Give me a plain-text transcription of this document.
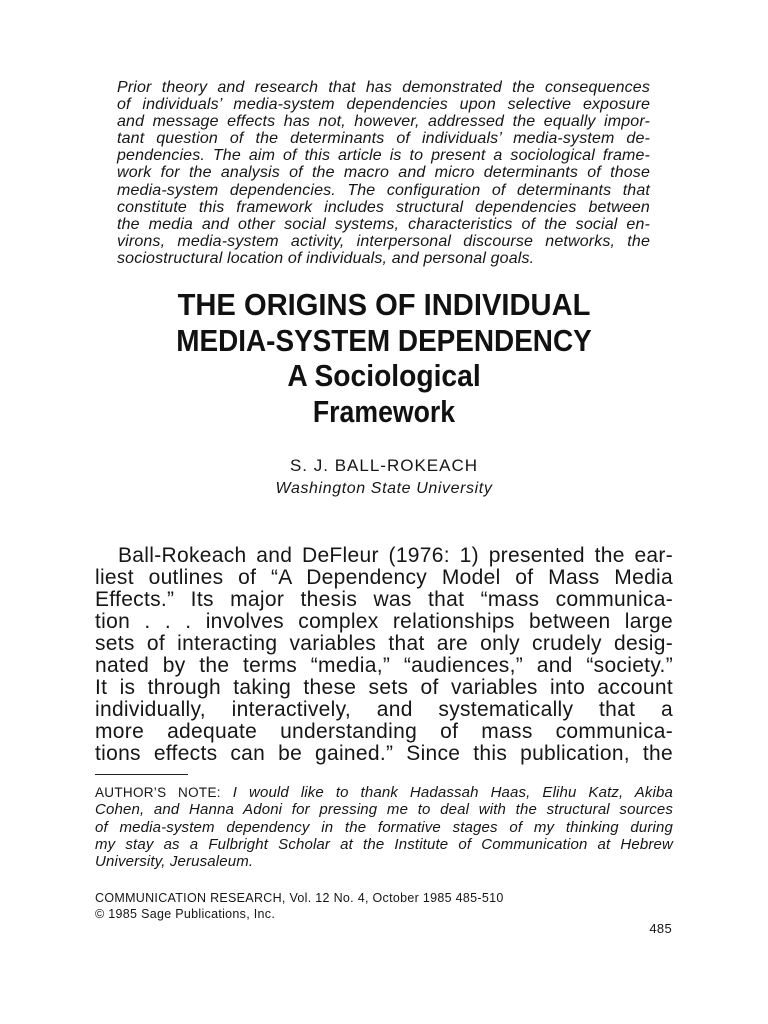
Prior theory and research that has demonstrated the consequences
of individuals’ media-system dependencies upon selective exposure
and message effects has not, however, addressed the equally impor-
tant question of the determinants of individuals’ media-system de-
pendencies. The aim of this article is to present a sociological frame-
work for the analysis of the macro and micro determinants of those
media-system dependencies. The configuration of determinants that
constitute this framework includes structural dependencies between
the media and other social systems, characteristics of the social en-
virons, media-system activity, interpersonal discourse networks, the
sociostructural location of individuals, and personal goals.
THE ORIGINS OF INDIVIDUAL
MEDIA-SYSTEM DEPENDENCY
A Sociological
Framework
S. J. BALL-ROKEACH
Washington State University
Ball-Rokeach and DeFleur (1976: 1) presented the ear-
liest outlines of “A Dependency Model of Mass Media
Effects.” Its major thesis was that “mass communica-
tion . . . involves complex relationships between large
sets of interacting variables that are only crudely desig-
nated by the terms “media,” “audiences,” and “society.”
It is through taking these sets of variables into account
individually, interactively, and systematically that a
more adequate understanding of mass communica-
tions effects can be gained.” Since this publication, the
AUTHOR’S NOTE: I would like to thank Hadassah Haas, Elihu Katz, Akiba
Cohen, and Hanna Adoni for pressing me to deal with the structural sources
of media-system dependency in the formative stages of my thinking during
my stay as a Fulbright Scholar at the Institute of Communication at Hebrew
University, Jerusaleum.
COMMUNICATION RESEARCH, Vol. 12 No. 4, October 1985 485-510
© 1985 Sage Publications, Inc.
485
